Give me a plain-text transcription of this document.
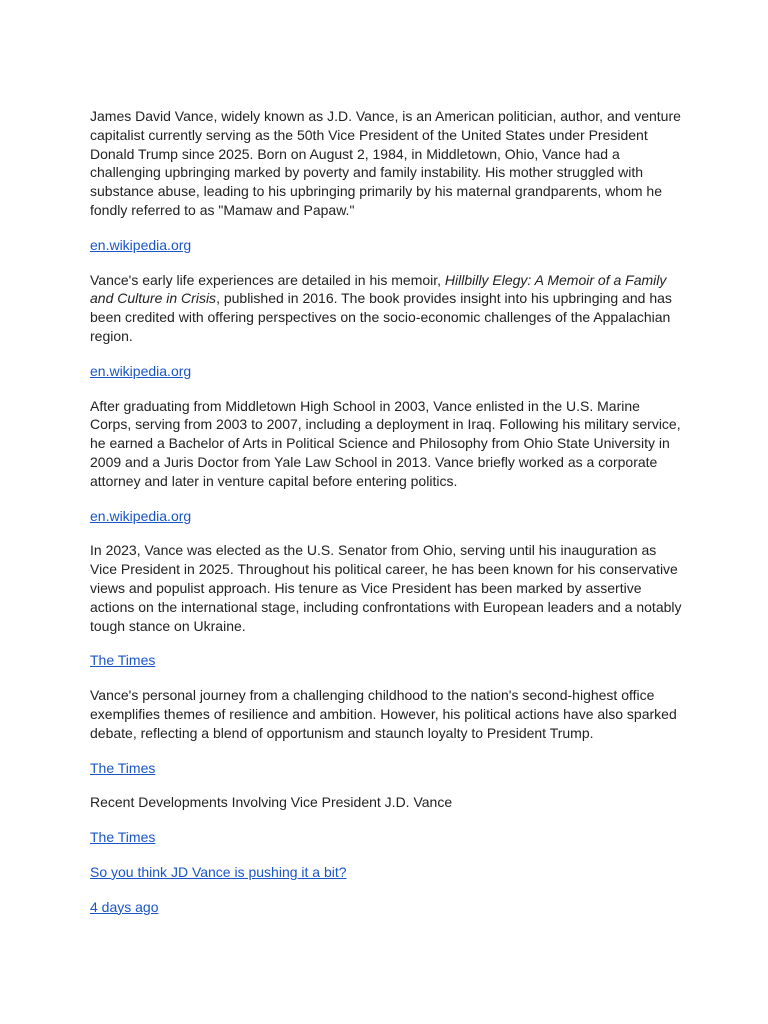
James David Vance, widely known as J.D. Vance, is an American politician, author, and venture capitalist currently serving as the 50th Vice President of the United States under President Donald Trump since 2025. Born on August 2, 1984, in Middletown, Ohio, Vance had a challenging upbringing marked by poverty and family instability. His mother struggled with substance abuse, leading to his upbringing primarily by his maternal grandparents, whom he fondly referred to as "Mamaw and Papaw."

en.wikipedia.org

Vance's early life experiences are detailed in his memoir, Hillbilly Elegy: A Memoir of a Family and Culture in Crisis, published in 2016. The book provides insight into his upbringing and has been credited with offering perspectives on the socio-economic challenges of the Appalachian region.

en.wikipedia.org

After graduating from Middletown High School in 2003, Vance enlisted in the U.S. Marine Corps, serving from 2003 to 2007, including a deployment in Iraq. Following his military service, he earned a Bachelor of Arts in Political Science and Philosophy from Ohio State University in 2009 and a Juris Doctor from Yale Law School in 2013. Vance briefly worked as a corporate attorney and later in venture capital before entering politics.

en.wikipedia.org

In 2023, Vance was elected as the U.S. Senator from Ohio, serving until his inauguration as Vice President in 2025. Throughout his political career, he has been known for his conservative views and populist approach. His tenure as Vice President has been marked by assertive actions on the international stage, including confrontations with European leaders and a notably tough stance on Ukraine.

The Times

Vance's personal journey from a challenging childhood to the nation's second-highest office exemplifies themes of resilience and ambition. However, his political actions have also sparked debate, reflecting a blend of opportunism and staunch loyalty to President Trump.

The Times

Recent Developments Involving Vice President J.D. Vance

The Times

So you think JD Vance is pushing it a bit?

4 days ago
